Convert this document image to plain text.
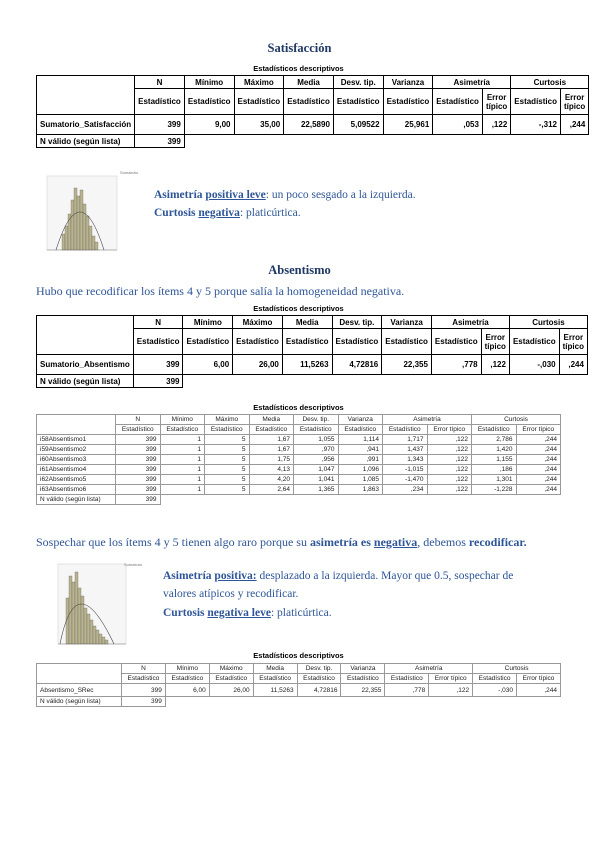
Satisfacción
Estadísticos descriptivos
	N	Mínimo	Máximo	Media	Desv. tip.	Varianza	Asimetría		Curtosis	
	Estadístico	Estadístico	Estadístico	Estadístico	Estadístico	Estadístico	Estadístico	Error típico	Estadístico	Error típico
Sumatorio_Satisfacción	399	9,00	35,00	22,5890	5,09522	25,961	,053	,122	-,312	,244
N válido (según lista)	399									
Sumatorio
Asimetría positiva leve: un poco sesgado a la izquierda.
Curtosis negativa: platicúrtica.
Absentismo
Hubo que recodificar los ítems 4 y 5 porque salía la homogeneidad negativa.
Estadísticos descriptivos
	N	Mínimo	Máximo	Media	Desv. tip.	Varianza	Asimetría		Curtosis	
	Estadístico	Estadístico	Estadístico	Estadístico	Estadístico	Estadístico	Estadístico	Error típico	Estadístico	Error típico
Sumatorio_Absentismo	399	6,00	26,00	11,5263	4,72816	22,355	,778	,122	-,030	,244
N válido (según lista)	399									
Estadísticos descriptivos
	N	Mínimo	Máximo	Media	Desv. tip.	Varianza	Asimetría		Curtosis	
	Estadístico	Estadístico	Estadístico	Estadístico	Estadístico	Estadístico	Estadístico	Error típico	Estadístico	Error típico
i58Absentismo1	399	1	5	1,67	1,055	1,114	1,717	,122	2,786	,244
i59Absentismo2	399	1	5	1,67	,970	,941	1,437	,122	1,420	,244
i60Absentismo3	399	1	5	1,75	,956	,991	1,343	,122	1,155	,244
i61Absentismo4	399	1	5	4,13	1,047	1,096	-1,015	,122	,186	,244
i62Absentismo5	399	1	5	4,20	1,041	1,085	-1,470	,122	1,301	,244
i63Absentismo6	399	1	5	2,64	1,365	1,863	,234	,122	-1,228	,244
N válido (según lista)	399									
Sospechar que los ítems 4 y 5 tienen algo raro porque su asimetría es negativa, debemos recodificar.
Sumatorio
Asimetría positiva: desplazado a la izquierda. Mayor que 0.5, sospechar de
valores atípicos y recodificar.
Curtosis negativa leve: platicúrtica.
Estadísticos descriptivos
	N	Mínimo	Máximo	Media	Desv. tip.	Varianza	Asimetría		Curtosis	
	Estadístico	Estadístico	Estadístico	Estadístico	Estadístico	Estadístico	Estadístico	Error típico	Estadístico	Error típico
Absentismo_SRec	399	6,00	26,00	11,5263	4,72816	22,355	,778	,122	-,030	,244
N válido (según lista)	399									
